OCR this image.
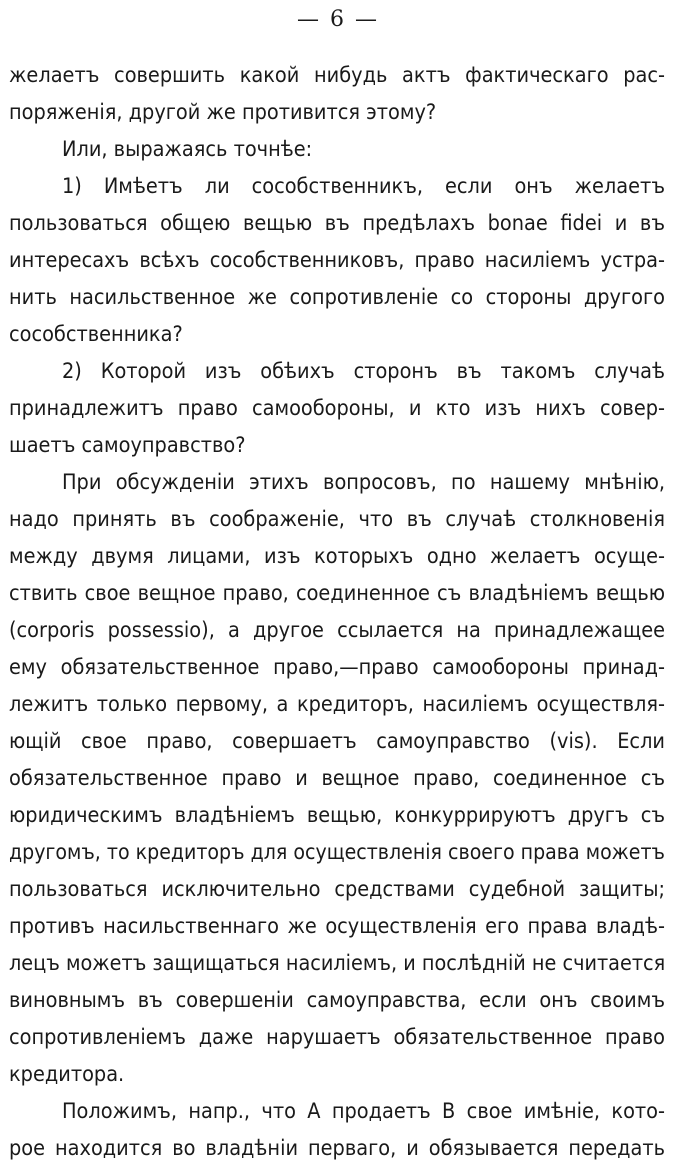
— 6 —
желаетъ совершить какой нибудь актъ фактическаго рас-
поряженія, другой же противится этому?
Или, выражаясь точнѣе:
1) Имѣетъ ли сособственникъ, если онъ желаетъ
пользоваться общею вещью въ предѣлахъ bonae fidei и въ
интересахъ всѣхъ сособственниковъ, право насиліемъ устра-
нить насильственное же сопротивленіе со стороны другого
сособственника?
2) Которой изъ обѣихъ сторонъ въ такомъ случаѣ
принадлежитъ право самообороны, и кто изъ нихъ совер-
шаетъ самоуправство?
При обсужденіи этихъ вопросовъ, по нашему мнѣнію,
надо принять въ соображеніе, что въ случаѣ столкновенія
между двумя лицами, изъ которыхъ одно желаетъ осуще-
ствить свое вещное право, соединенное съ владѣніемъ вещью
(corporis possessio), а другое ссылается на принадлежащее
ему обязательственное право,—право самообороны принад-
лежитъ только первому, а кредиторъ, насиліемъ осуществля-
ющій свое право, совершаетъ самоуправство (vis). Если
обязательственное право и вещное право, соединенное съ
юридическимъ владѣніемъ вещью, конкуррируютъ другъ съ
другомъ, то кредиторъ для осуществленія своего права можетъ
пользоваться исключительно средствами судебной защиты;
противъ насильственнаго же осуществленія его права владѣ-
лецъ можетъ защищаться насиліемъ, и послѣдній не считается
виновнымъ въ совершеніи самоуправства, если онъ своимъ
сопротивленіемъ даже нарушаетъ обязательственное право
кредитора.
Положимъ, напр., что А продаетъ В свое имѣніе, кото-
рое находится во владѣніи перваго, и обязывается передать
